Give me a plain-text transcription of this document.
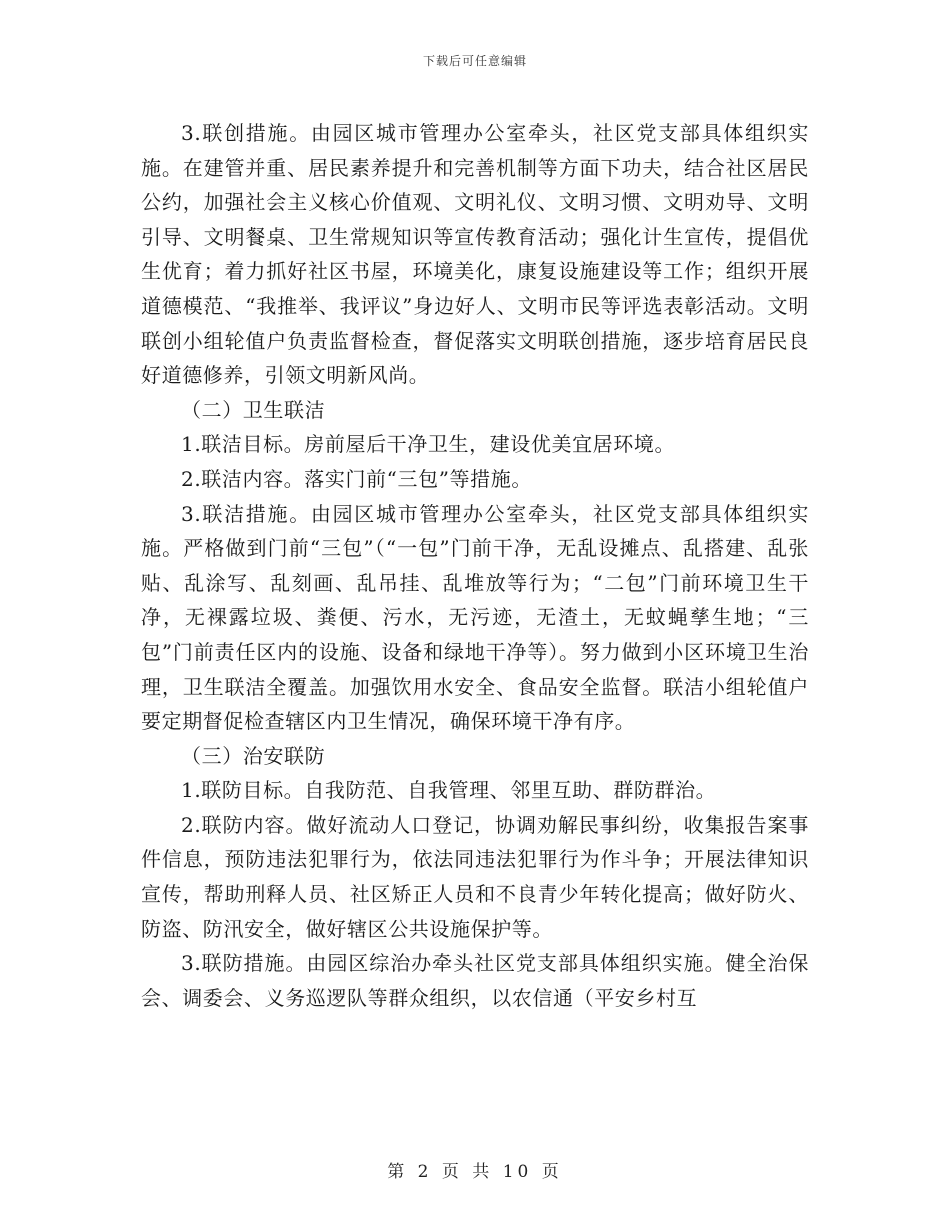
下载后可任意编辑

3.联创措施。由园区城市管理办公室牵头，社区党支部具体组织实施。在建管并重、居民素养提升和完善机制等方面下功夫，结合社区居民公约，加强社会主义核心价值观、文明礼仪、文明习惯、文明劝导、文明引导、文明餐桌、卫生常规知识等宣传教育活动；强化计生宣传，提倡优生优育；着力抓好社区书屋，环境美化，康复设施建设等工作；组织开展道德模范、“我推举、我评议”身边好人、文明市民等评选表彰活动。文明联创小组轮值户负责监督检查，督促落实文明联创措施，逐步培育居民良好道德修养，引领文明新风尚。

（二）卫生联洁

1.联洁目标。房前屋后干净卫生，建设优美宜居环境。

2.联洁内容。落实门前“三包”等措施。

3.联洁措施。由园区城市管理办公室牵头，社区党支部具体组织实施。严格做到门前“三包”（“一包”门前干净，无乱设摊点、乱搭建、乱张贴、乱涂写、乱刻画、乱吊挂、乱堆放等行为；“二包”门前环境卫生干净，无裸露垃圾、粪便、污水，无污迹，无渣土，无蚊蝇孳生地；“三包”门前责任区内的设施、设备和绿地干净等）。努力做到小区环境卫生治理，卫生联洁全覆盖。加强饮用水安全、食品安全监督。联洁小组轮值户要定期督促检查辖区内卫生情况，确保环境干净有序。

（三）治安联防

1.联防目标。自我防范、自我管理、邻里互助、群防群治。

2.联防内容。做好流动人口登记，协调劝解民事纠纷，收集报告案事件信息，预防违法犯罪行为，依法同违法犯罪行为作斗争；开展法律知识宣传，帮助刑释人员、社区矫正人员和不良青少年转化提高；做好防火、防盗、防汛安全，做好辖区公共设施保护等。

3.联防措施。由园区综治办牵头社区党支部具体组织实施。健全治保会、调委会、义务巡逻队等群众组织，以农信通（平安乡村互

第 2 页 共 10 页
